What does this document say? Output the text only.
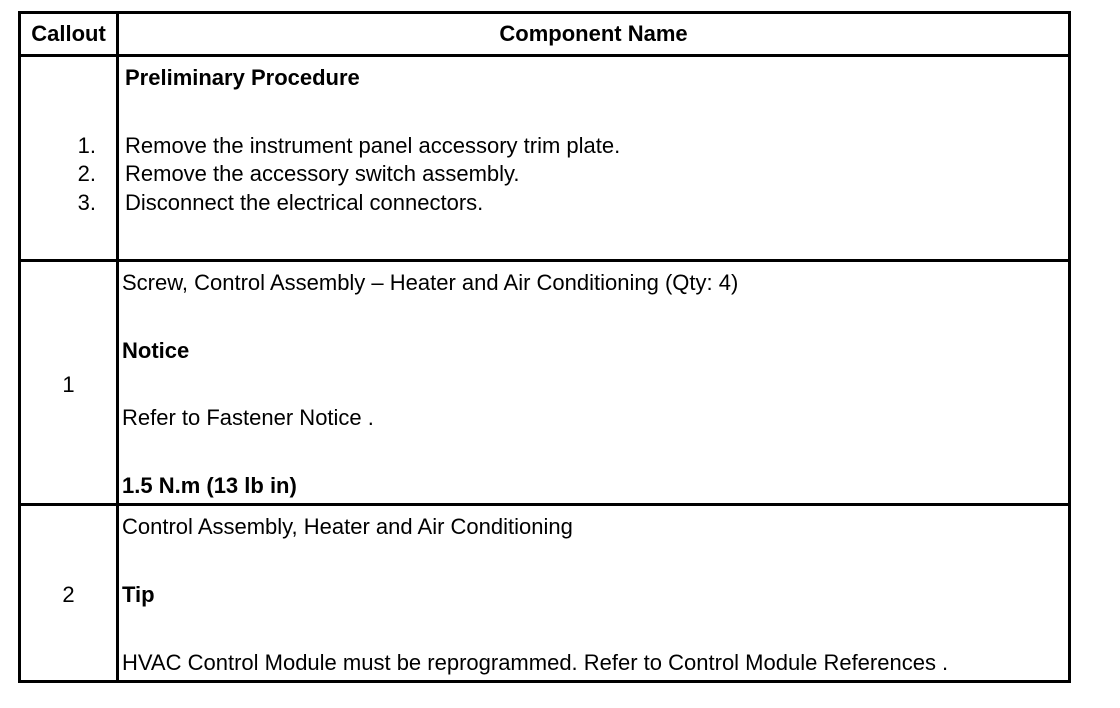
Callout	Component Name
Preliminary Procedure
1. Remove the instrument panel accessory trim plate.
2. Remove the accessory switch assembly.
3. Disconnect the electrical connectors.
1
Screw, Control Assembly – Heater and Air Conditioning (Qty: 4)
Notice
Refer to Fastener Notice .
1.5 N.m (13 lb in)
2
Control Assembly, Heater and Air Conditioning
Tip
HVAC Control Module must be reprogrammed. Refer to Control Module References .
